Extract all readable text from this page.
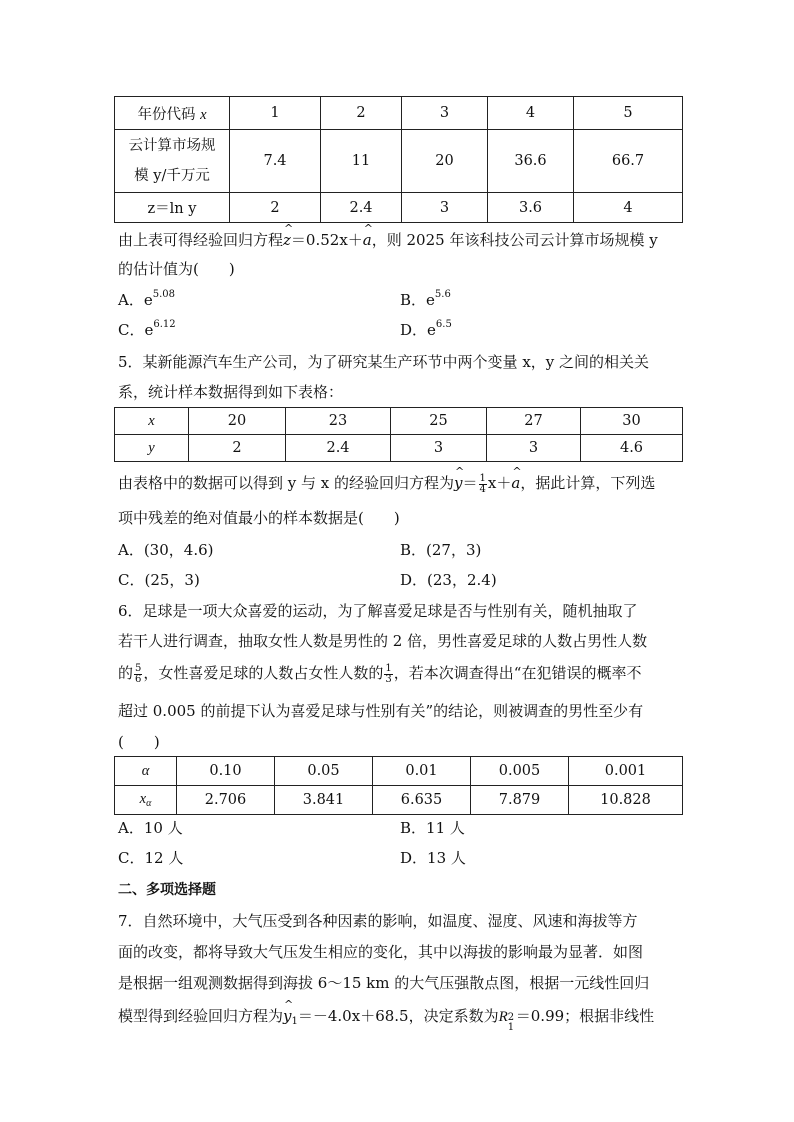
年份代码 x	1	2	3	4	5
云计算市场规
模 y/千万元	7.4	11	20	36.6	66.7
z＝ln y	2	2.4	3	3.6	4
由上表可得经验回归方程^ z＝0.52x＋^ a，则 2025 年该科技公司云计算市场规模 y
的估计值为(　　)
A．$e^{5.08}$	B．$e^{5.6}$
C．$e^{6.12}$	D．$e^{6.5}$
5．某新能源汽车生产公司，为了研究某生产环节中两个变量 x，y 之间的相关关
系，统计样本数据得到如下表格：
x	20	23	25	27	30
y	2	2.4	3	3	4.6
由表格中的数据可以得到 y 与 x 的经验回归方程为^ $y= \frac{1}{4}$ x＋^ a，据此计算，下列选
项中残差的绝对值最小的样本数据是(　　)
A．(30，4.6)	B．(27，3)
C．(25，3)	D．(23，2.4)
6．足球是一项大众喜爱的运动，为了解喜爱足球是否与性别有关，随机抽取了
若干人进行调查，抽取女性人数是男性的 2 倍，男性喜爱足球的人数占男性人数
的 $\frac{5}{6}$ ，女性喜爱足球的人数占女性人数的 $\frac{1}{3}$ ，若本次调查得出“在犯错误的概率不
超过 0.005 的前提下认为喜爱足球与性别有关”的结论，则被调查的男性至少有
(　　)
α	0.10	0.05	0.01	0.005	0.001
$x_\alpha$	2.706	3.841	6.635	7.879	10.828
A．10 人	B．11 人
C．12 人	D．13 人
二、多项选择题
7．自然环境中，大气压受到各种因素的影响，如温度、湿度、风速和海拔等方
面的改变，都将导致大气压发生相应的变化，其中以海拔的影响最为显著．如图
是根据一组观测数据得到海拔 6～15 km 的大气压强散点图，根据一元线性回归
模型得到经验回归方程为^ $y_1=-4.0x+68.5$，决定系数为R 2
1
＝0.99；根据非线性
